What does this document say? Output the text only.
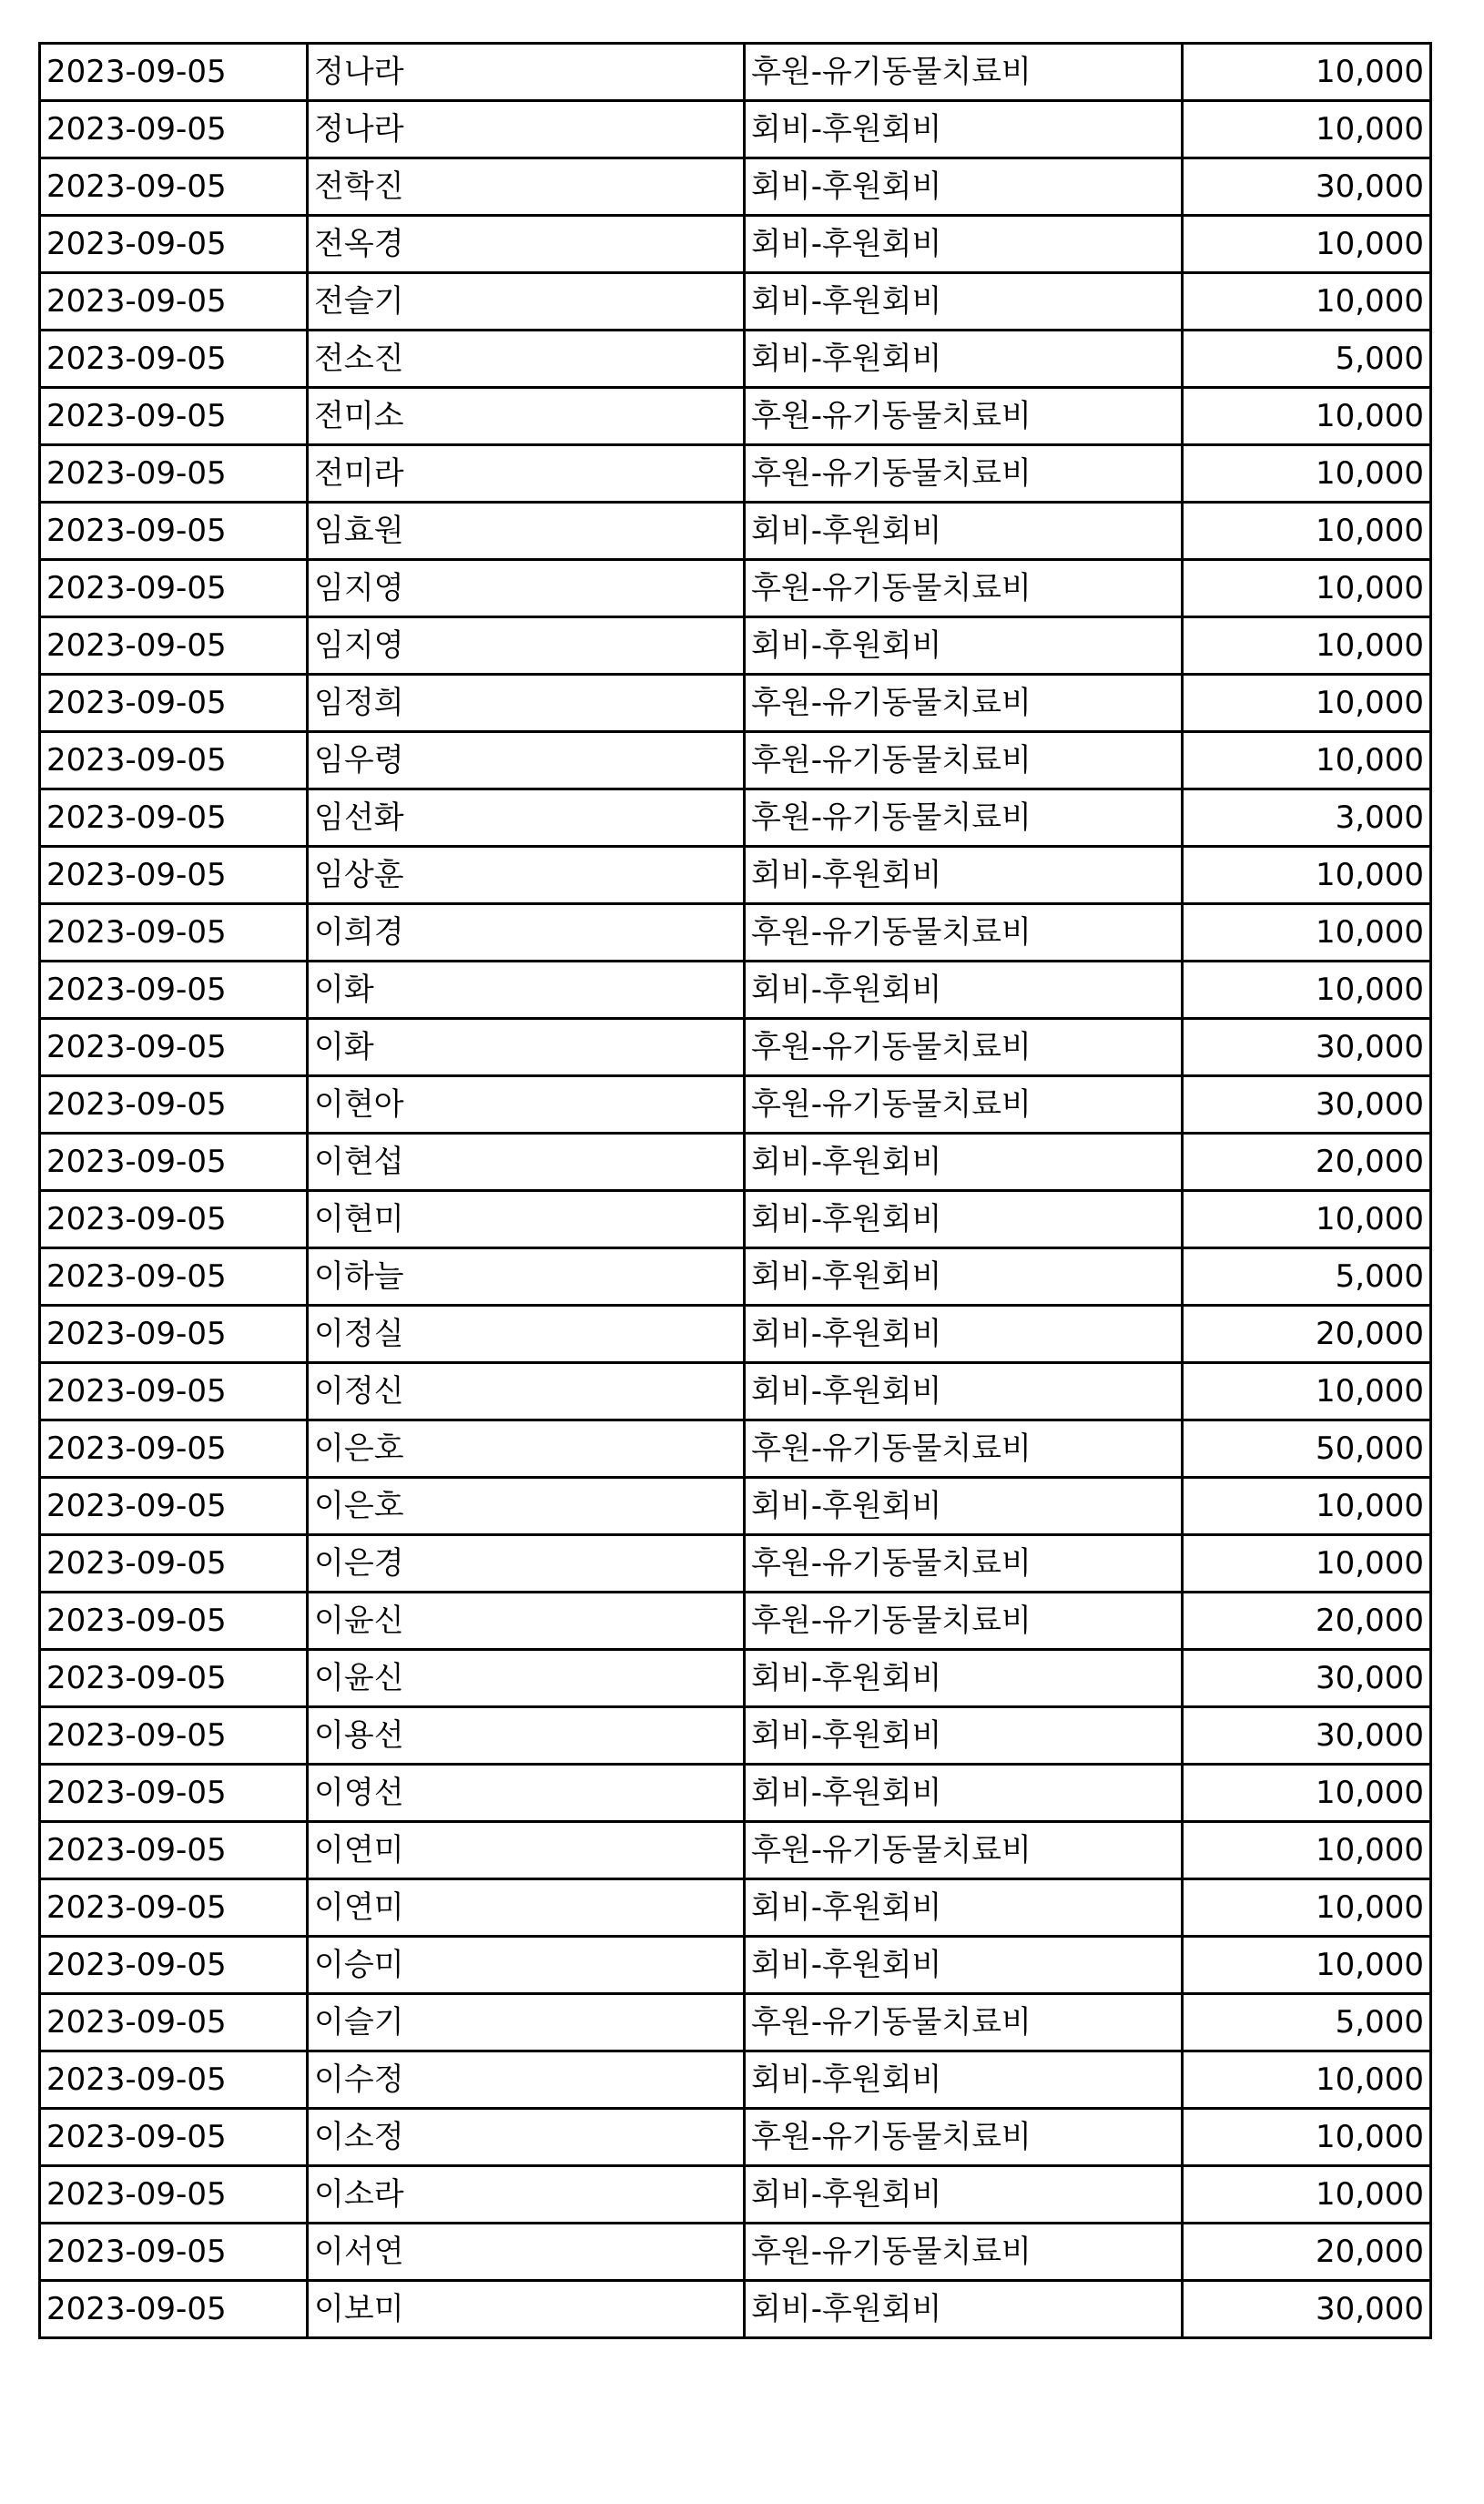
2023-09-05	정나라	후원-유기동물치료비	10,000
2023-09-05	정나라	회비-후원회비	10,000
2023-09-05	전학진	회비-후원회비	30,000
2023-09-05	전옥경	회비-후원회비	10,000
2023-09-05	전슬기	회비-후원회비	10,000
2023-09-05	전소진	회비-후원회비	5,000
2023-09-05	전미소	후원-유기동물치료비	10,000
2023-09-05	전미라	후원-유기동물치료비	10,000
2023-09-05	임효원	회비-후원회비	10,000
2023-09-05	임지영	후원-유기동물치료비	10,000
2023-09-05	임지영	회비-후원회비	10,000
2023-09-05	임정희	후원-유기동물치료비	10,000
2023-09-05	임우령	후원-유기동물치료비	10,000
2023-09-05	임선화	후원-유기동물치료비	3,000
2023-09-05	임상훈	회비-후원회비	10,000
2023-09-05	이희경	후원-유기동물치료비	10,000
2023-09-05	이화	회비-후원회비	10,000
2023-09-05	이화	후원-유기동물치료비	30,000
2023-09-05	이현아	후원-유기동물치료비	30,000
2023-09-05	이현섭	회비-후원회비	20,000
2023-09-05	이현미	회비-후원회비	10,000
2023-09-05	이하늘	회비-후원회비	5,000
2023-09-05	이정실	회비-후원회비	20,000
2023-09-05	이정신	회비-후원회비	10,000
2023-09-05	이은호	후원-유기동물치료비	50,000
2023-09-05	이은호	회비-후원회비	10,000
2023-09-05	이은경	후원-유기동물치료비	10,000
2023-09-05	이윤신	후원-유기동물치료비	20,000
2023-09-05	이윤신	회비-후원회비	30,000
2023-09-05	이용선	회비-후원회비	30,000
2023-09-05	이영선	회비-후원회비	10,000
2023-09-05	이연미	후원-유기동물치료비	10,000
2023-09-05	이연미	회비-후원회비	10,000
2023-09-05	이승미	회비-후원회비	10,000
2023-09-05	이슬기	후원-유기동물치료비	5,000
2023-09-05	이수정	회비-후원회비	10,000
2023-09-05	이소정	후원-유기동물치료비	10,000
2023-09-05	이소라	회비-후원회비	10,000
2023-09-05	이서연	후원-유기동물치료비	20,000
2023-09-05	이보미	회비-후원회비	30,000
